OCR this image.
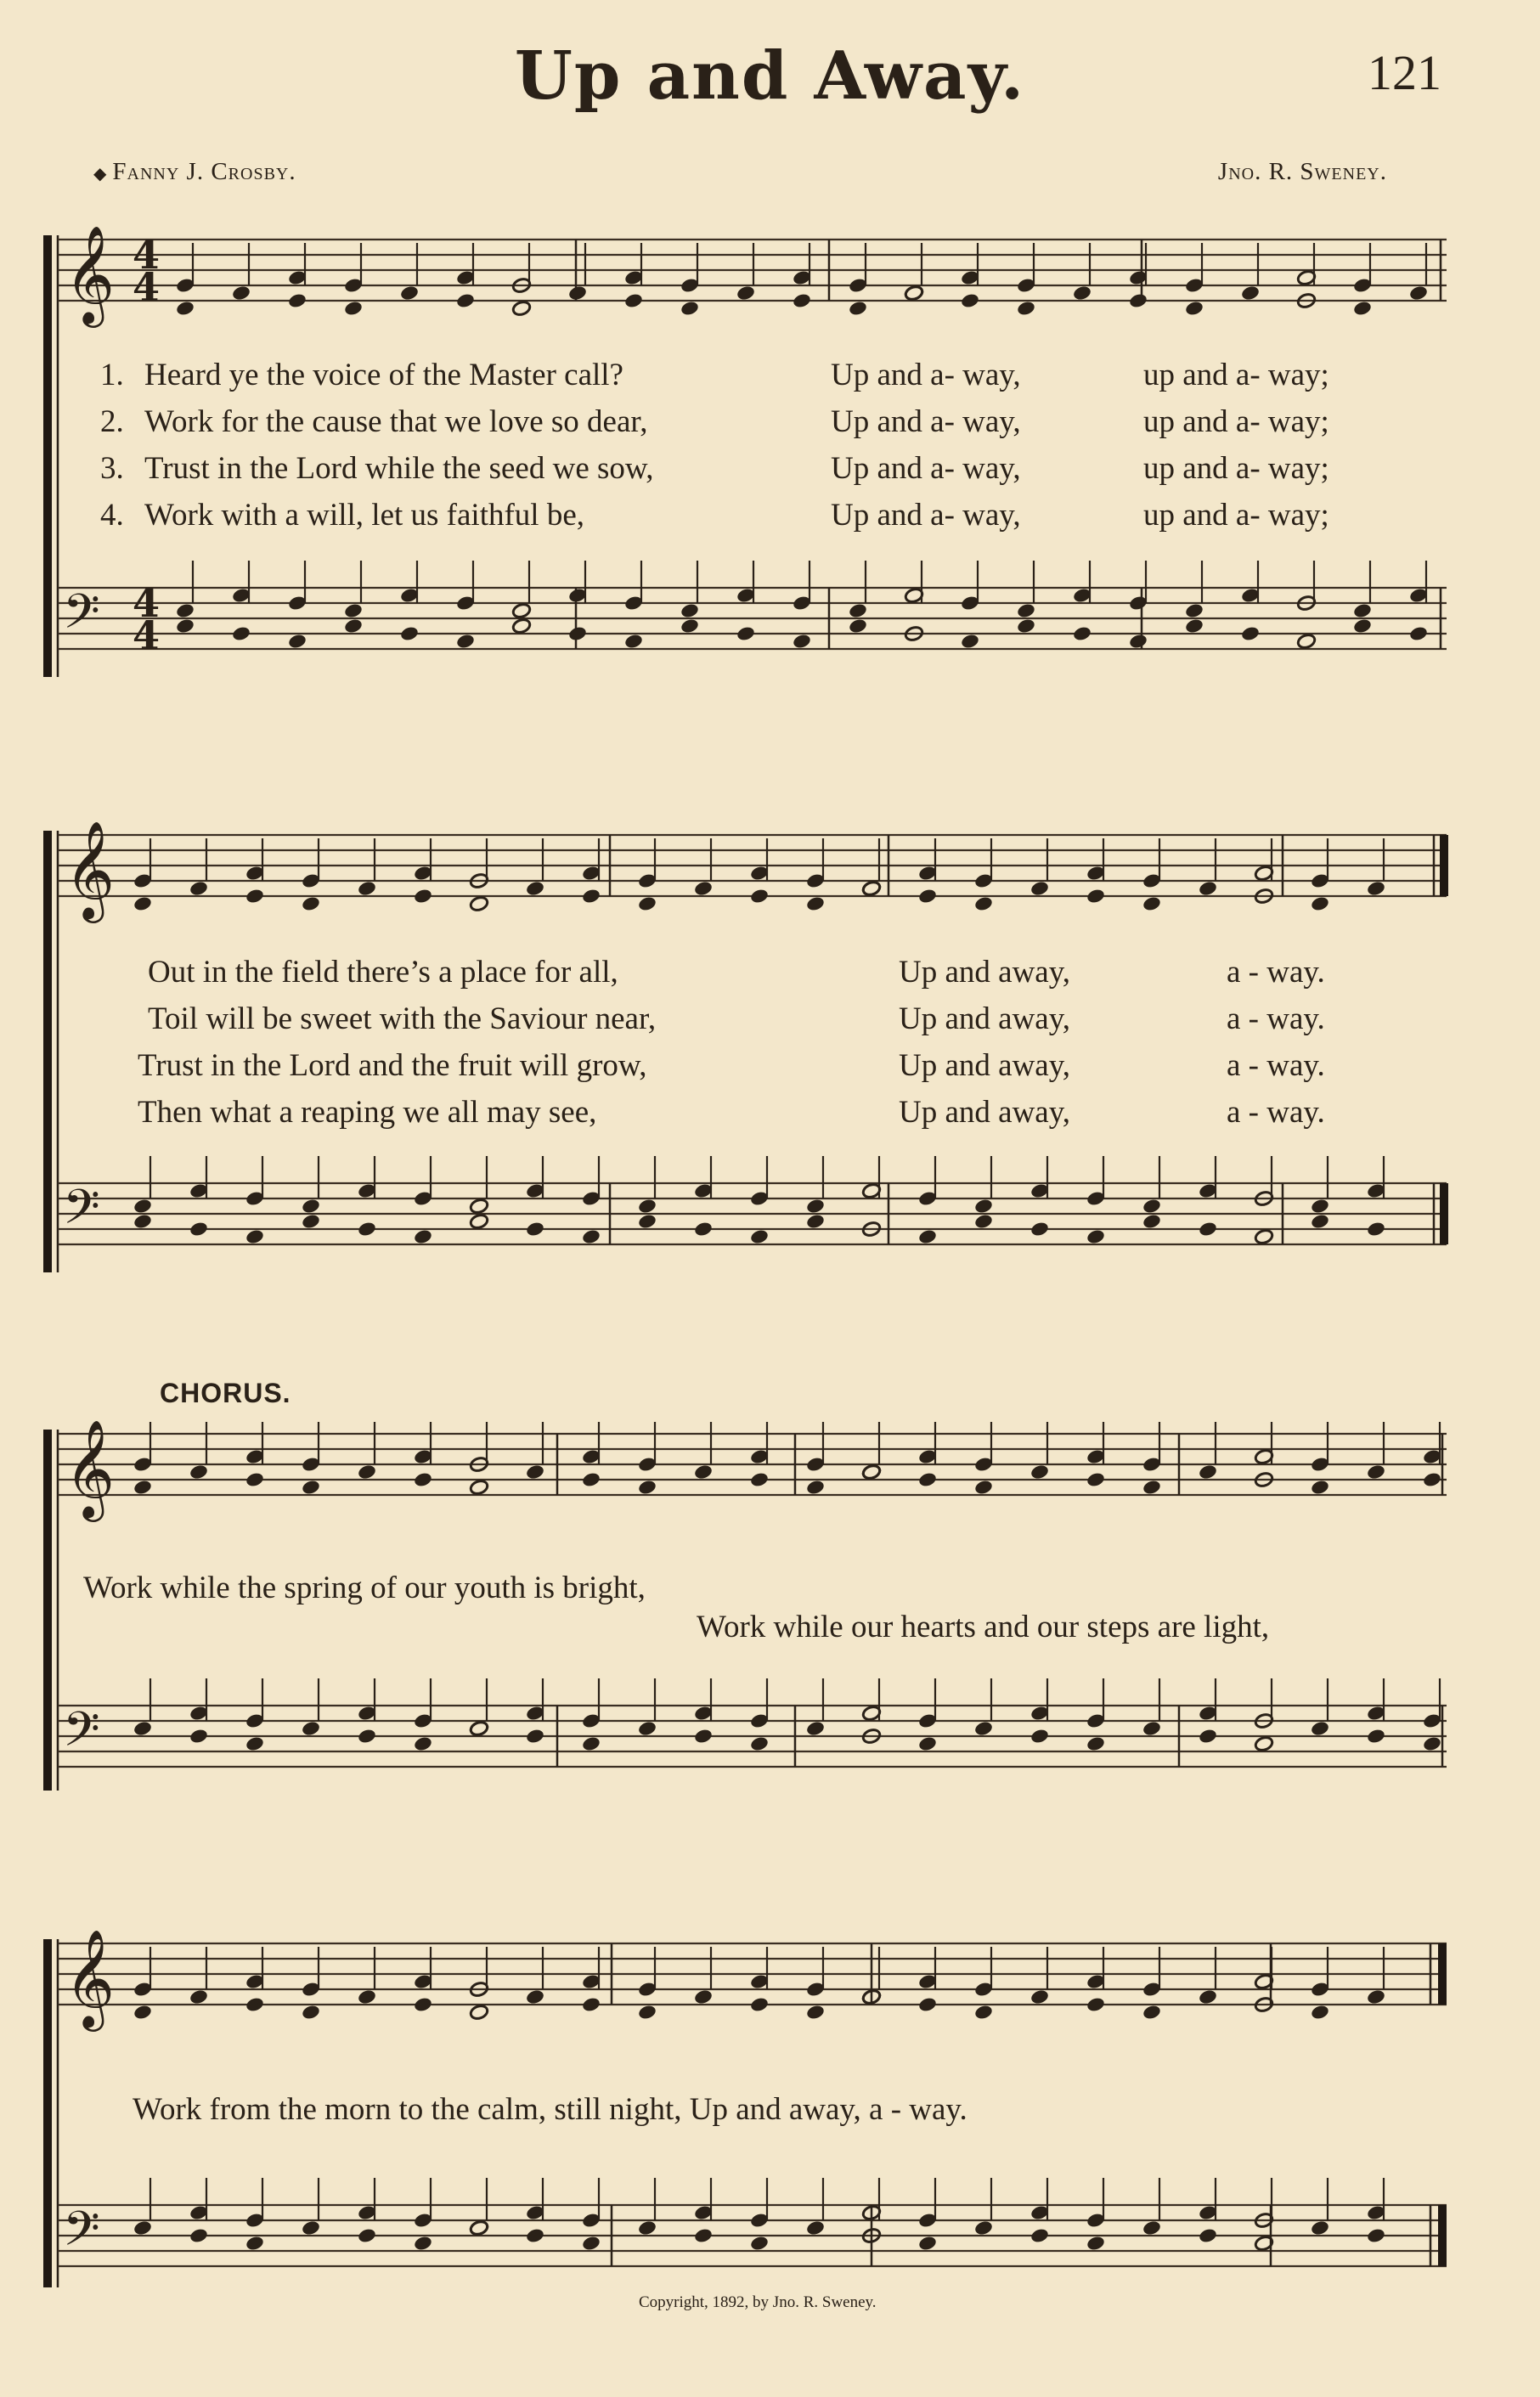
Up and Away.	121
◆ Fanny J. Crosby.	Jno. R. Sweney.
𝄞 4
4
𝄢 4
4
1. Heard ye the voice of the Master call?	Up and a- way,	up and a- way;
2. Work for the cause that we love so dear,	Up and a- way,	up and a- way;
3. Trust in the Lord while the seed we sow,	Up and a- way,	up and a- way;
4. Work with a will, let us faithful be,	Up and a- way,	up and a- way;
𝄞
𝄢
Out in the field there’s a place for all,	Up and away,	a - way.
Toil will be sweet with the Saviour near,	Up and away,	a - way.
Trust in the Lord and the fruit will grow,	Up and away,	a - way.
Then what a reaping we all may see,	Up and away,	a - way.
CHORUS.
𝄞
𝄢
Work while the spring of our youth is bright,
Work while our hearts and our steps are light,
𝄞
𝄢
Work from the morn to the calm, still night, Up and away, a - way.
Copyright, 1892, by Jno. R. Sweney.
